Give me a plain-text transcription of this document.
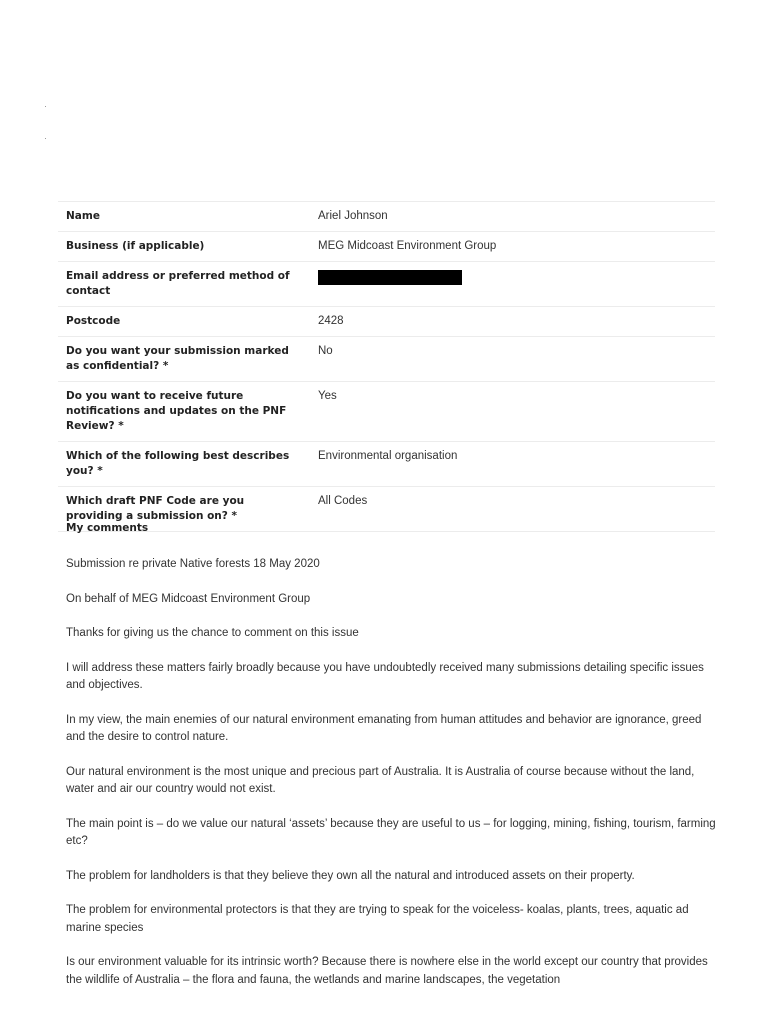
Name	Ariel Johnson
Business (if applicable)	MEG Midcoast Environment Group
Email address or preferred method of contact	
Postcode	2428
Do you want your submission marked as confidential? *	No
Do you want to receive future notifications and updates on the PNF Review? *	Yes
Which of the following best describes you? *	Environmental organisation
Which draft PNF Code are you providing a submission on? *	All Codes
My comments

Submission re private Native forests 18 May 2020

On behalf of MEG Midcoast Environment Group

Thanks for giving us the chance to comment on this issue

I will address these matters fairly broadly because you have undoubtedly received many submissions detailing specific issues and objectives.

In my view, the main enemies of our natural environment emanating from human attitudes and behavior are ignorance, greed and the desire to control nature.

Our natural environment is the most unique and precious part of Australia. It is Australia of course because without the land, water and air our country would not exist.

The main point is – do we value our natural ‘assets’ because they are useful to us – for logging, mining, fishing, tourism, farming etc?

The problem for landholders is that they believe they own all the natural and introduced assets on their property.

The problem for environmental protectors is that they are trying to speak for the voiceless- koalas, plants, trees, aquatic ad marine species

Is our environment valuable for its intrinsic worth? Because there is nowhere else in the world except our country that provides the wildlife of Australia – the flora and fauna, the wetlands and marine landscapes, the vegetation
